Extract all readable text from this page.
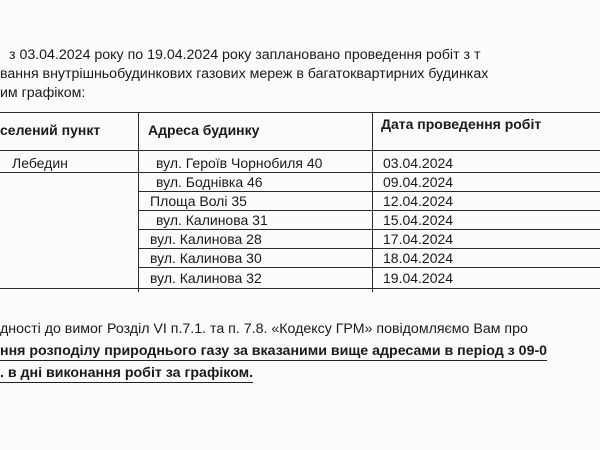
з 03.04.2024 року по 19.04.2024 року заплановано проведення робіт з т
вання внутрішньобудинкових газових мереж в багатоквартирних будинках
им графіком:
селений пункт	Адреса будинку	Дата проведення робіт
Лебедин	вул. Героїв Чорнобиля 40	03.04.2024
вул. Боднівка 46	09.04.2024
Площа Волі 35	12.04.2024
вул. Калинова 31	15.04.2024
вул. Калинова 28	17.04.2024
вул. Калинова 30	18.04.2024
вул. Калинова 32	19.04.2024
дності до вимог Розділ VI п.7.1. та п. 7.8. «Кодексу ГРМ» повідомляємо Вам про
ння розподілу природнього газу за вказаними вище адресами в період з 09-0
. в дні виконання робіт за графіком.
